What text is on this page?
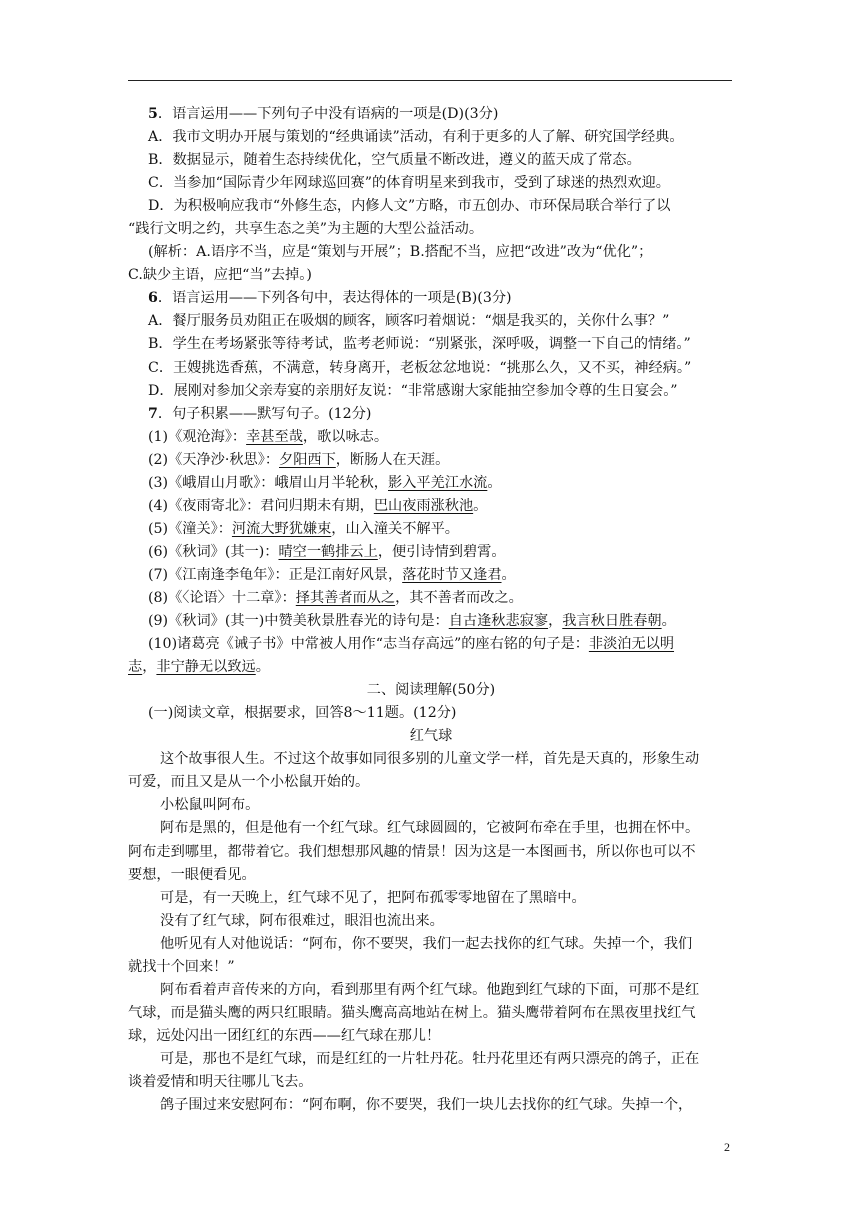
5．语言运用——下列句子中没有语病的一项是(D)(3分)
A．我市文明办开展与策划的“经典诵读”活动，有利于更多的人了解、研究国学经典。
B．数据显示，随着生态持续优化，空气质量不断改进，遵义的蓝天成了常态。
C．当参加“国际青少年网球巡回赛”的体育明星来到我市，受到了球迷的热烈欢迎。
D．为积极响应我市“外修生态，内修人文”方略，市五创办、市环保局联合举行了以
“践行文明之约，共享生态之美”为主题的大型公益活动。
(解析：A.语序不当，应是“策划与开展”；B.搭配不当，应把“改进”改为“优化”；
C.缺少主语，应把“当”去掉。)
6．语言运用——下列各句中，表达得体的一项是(B)(3分)
A．餐厅服务员劝阻正在吸烟的顾客，顾客叼着烟说：“烟是我买的，关你什么事？”
B．学生在考场紧张等待考试，监考老师说：“别紧张，深呼吸，调整一下自己的情绪。”
C．王嫂挑选香蕉，不满意，转身离开，老板忿忿地说：“挑那么久，又不买，神经病。”
D．展刚对参加父亲寿宴的亲朋好友说：“非常感谢大家能抽空参加令尊的生日宴会。”
7．句子积累——默写句子。(12分)
(1)《观沧海》：幸甚至哉，歌以咏志。
(2)《天净沙·秋思》：夕阳西下，断肠人在天涯。
(3)《峨眉山月歌》：峨眉山月半轮秋，影入平羌江水流。
(4)《夜雨寄北》：君问归期未有期，巴山夜雨涨秋池。
(5)《潼关》：河流大野犹嫌束，山入潼关不解平。
(6)《秋词》(其一)：晴空一鹤排云上，便引诗情到碧霄。
(7)《江南逢李龟年》：正是江南好风景，落花时节又逢君。
(8)《〈论语〉十二章》：择其善者而从之，其不善者而改之。
(9)《秋词》(其一)中赞美秋景胜春光的诗句是：自古逢秋悲寂寥，我言秋日胜春朝。
(10)诸葛亮《诫子书》中常被人用作“志当存高远”的座右铭的句子是：非淡泊无以明
志，非宁静无以致远。
二、阅读理解(50分)
(一)阅读文章，根据要求，回答8～11题。(12分)
红气球
这个故事很人生。不过这个故事如同很多别的儿童文学一样，首先是天真的，形象生动
可爱，而且又是从一个小松鼠开始的。
小松鼠叫阿布。
阿布是黑的，但是他有一个红气球。红气球圆圆的，它被阿布牵在手里，也拥在怀中。
阿布走到哪里，都带着它。我们想想那风趣的情景！因为这是一本图画书，所以你也可以不
要想，一眼便看见。
可是，有一天晚上，红气球不见了，把阿布孤零零地留在了黑暗中。
没有了红气球，阿布很难过，眼泪也流出来。
他听见有人对他说话：“阿布，你不要哭，我们一起去找你的红气球。失掉一个，我们
就找十个回来！”
阿布看着声音传来的方向，看到那里有两个红气球。他跑到红气球的下面，可那不是红
气球，而是猫头鹰的两只红眼睛。猫头鹰高高地站在树上。猫头鹰带着阿布在黑夜里找红气
球，远处闪出一团红红的东西——红气球在那儿！
可是，那也不是红气球，而是红红的一片牡丹花。牡丹花里还有两只漂亮的鸽子，正在
谈着爱情和明天往哪儿飞去。
鸽子围过来安慰阿布：“阿布啊，你不要哭，我们一块儿去找你的红气球。失掉一个，
2
